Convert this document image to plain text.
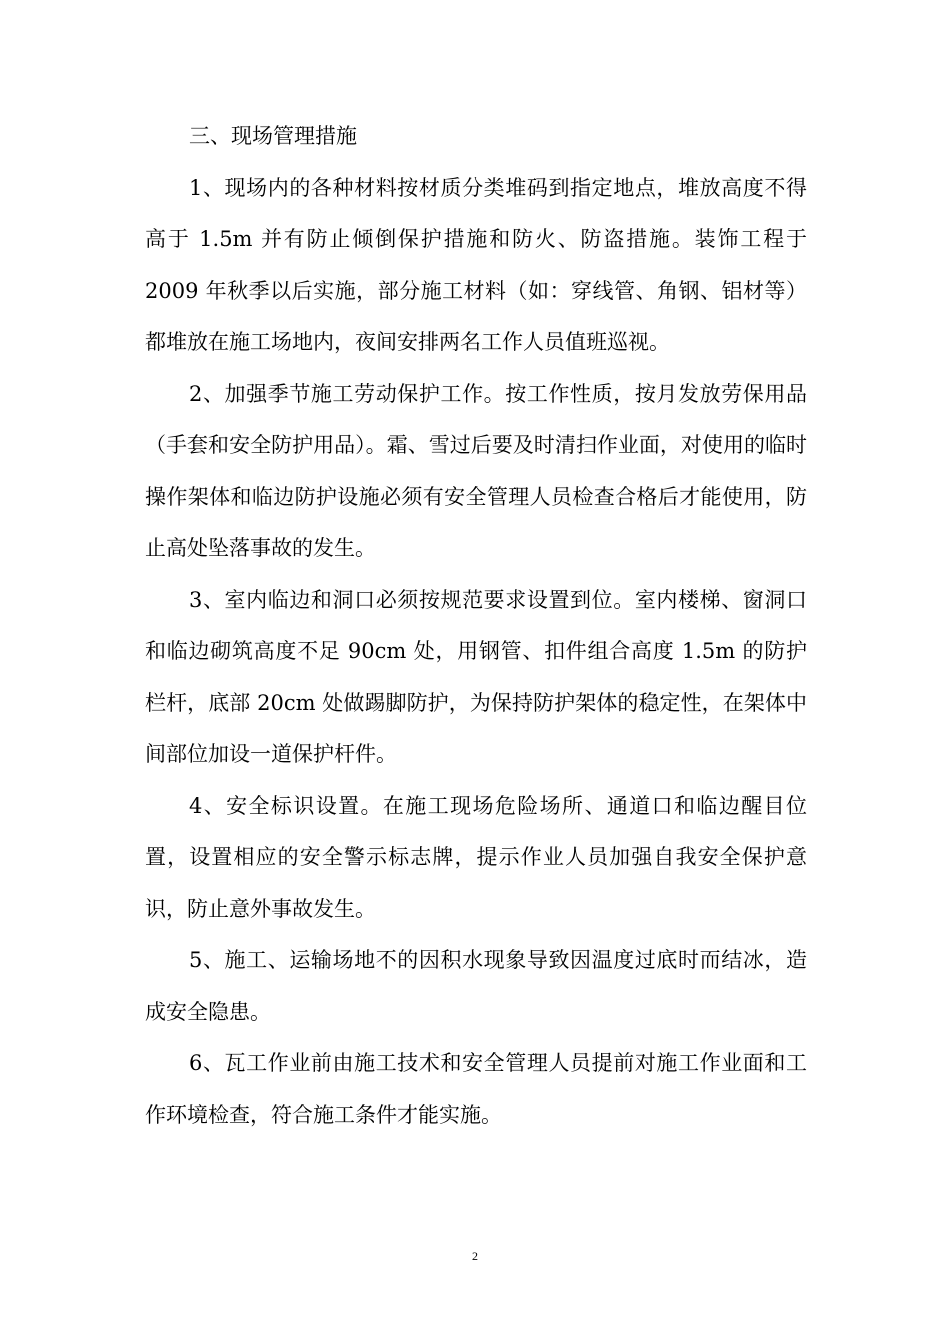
三、现场管理措施

1、现场内的各种材料按材质分类堆码到指定地点，堆放高度不得高于 1.5m 并有防止倾倒保护措施和防火、防盗措施。装饰工程于 2009 年秋季以后实施，部分施工材料（如：穿线管、角钢、铝材等）都堆放在施工场地内，夜间安排两名工作人员值班巡视。

2、加强季节施工劳动保护工作。按工作性质，按月发放劳保用品（手套和安全防护用品）。霜、雪过后要及时清扫作业面，对使用的临时操作架体和临边防护设施必须有安全管理人员检查合格后才能使用，防止高处坠落事故的发生。

3、室内临边和洞口必须按规范要求设置到位。室内楼梯、窗洞口和临边砌筑高度不足 90cm 处，用钢管、扣件组合高度 1.5m 的防护栏杆，底部 20cm 处做踢脚防护，为保持防护架体的稳定性，在架体中间部位加设一道保护杆件。

4、安全标识设置。在施工现场危险场所、通道口和临边醒目位置，设置相应的安全警示标志牌，提示作业人员加强自我安全保护意识，防止意外事故发生。

5、施工、运输场地不的因积水现象导致因温度过底时而结冰，造成安全隐患。

6、瓦工作业前由施工技术和安全管理人员提前对施工作业面和工作环境检查，符合施工条件才能实施。

2
